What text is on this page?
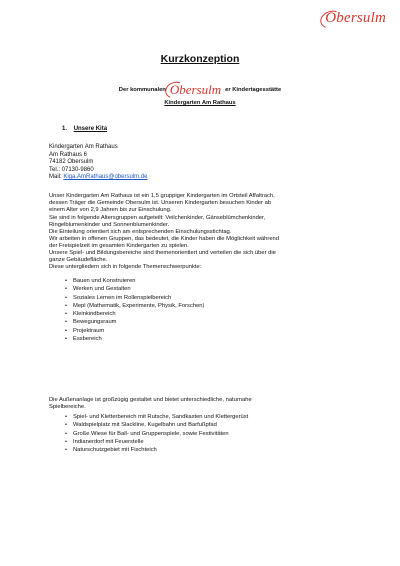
Obersulm
Kurzkonzeption
Der kommunalen Obersulm er Kindertagesstätte
Kindergarten Am Rathaus
1. Unsere Kita
Kindergarten Am Rathaus
Am Rathaus 6
74182 Obersulm
Tel.: 07130-9860
Mail: Kiga.AmRathaus@obersulm.de
Unser Kindergarten Am Rathaus ist ein 1,5 gruppiger Kindergarten im Ortsteil Affaltrach,
dessen Träger die Gemeinde Obersulm ist. Unseren Kindergarten besuchen Kinder ab
einem Alter von 2,9 Jahren bis zur Einschulung.
Sie sind in folgende Altersgruppen aufgeteilt: Veilchenkinder, Gänseblümchenkinder,
Ringelblumenkinder und Sonnenblumenkinder.
Die Einteilung orientiert sich am entsprechenden Einschulungsstichtag.
Wir arbeiten in offenen Gruppen, das bedeutet, die Kinder haben die Möglichkeit während
der Freispielzeit im gesamten Kindergarten zu spielen.
Unsere Spiel- und Bildungsbereiche sind themenorientiert und verteilen die sich über die
ganze Gebäudefläche.
Diese untergliedern sich in folgende Themenschwerpunkte:
• Bauen und Konstruieren
• Werken und Gestalten
• Soziales Lernen im Rollenspielbereich
• Mepl (Mathematik, Experimente, Physik, Forschen)
• Kleinkindbereich
• Bewegungsraum
• Projektraum
• Essbereich
Die Außenanlage ist großzügig gestaltet und bietet unterschiedliche, naturnahe
Spielbereiche.
• Spiel- und Kletterbereich mit Rutsche, Sandkasten und Klettergerüst
• Waldspielplatz mit Slackline, Kugelbahn und Barfußpfad
• Große Wiese für Ball- und Gruppenspiele, sowie Festivitäten
• Indianerdorf mit Feuerstelle
• Naturschutzgebiet mit Fischteich
